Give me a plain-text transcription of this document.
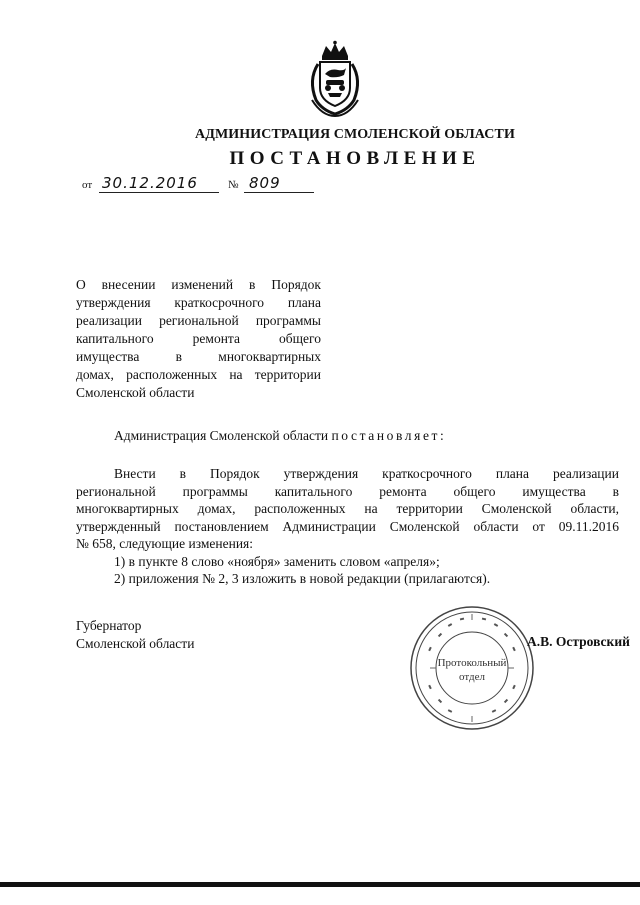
АДМИНИСТРАЦИЯ СМОЛЕНСКОЙ ОБЛАСТИ
ПОСТАНОВЛЕНИЕ
от 30.12.2016	№ 809
О внесении изменений в Порядок
утверждения краткосрочного плана
реализации региональной программы
капитального ремонта общего
имущества в многоквартирных
домах, расположенных на территории
Смоленской области
Администрация Смоленской области постановляет:
Внести в Порядок утверждения краткосрочного плана реализации
региональной программы капитального ремонта общего имущества в
многоквартирных домах, расположенных на территории Смоленской области,
утвержденный постановлением Администрации Смоленской области от 09.11.2016
№ 658, следующие изменения:
1) в пункте 8 слово «ноября» заменить словом «апреля»;
2) приложения № 2, 3 изложить в новой редакции (прилагаются).
Губернатор
Смоленской области
Протокольный
отдел
А.В. Островский
